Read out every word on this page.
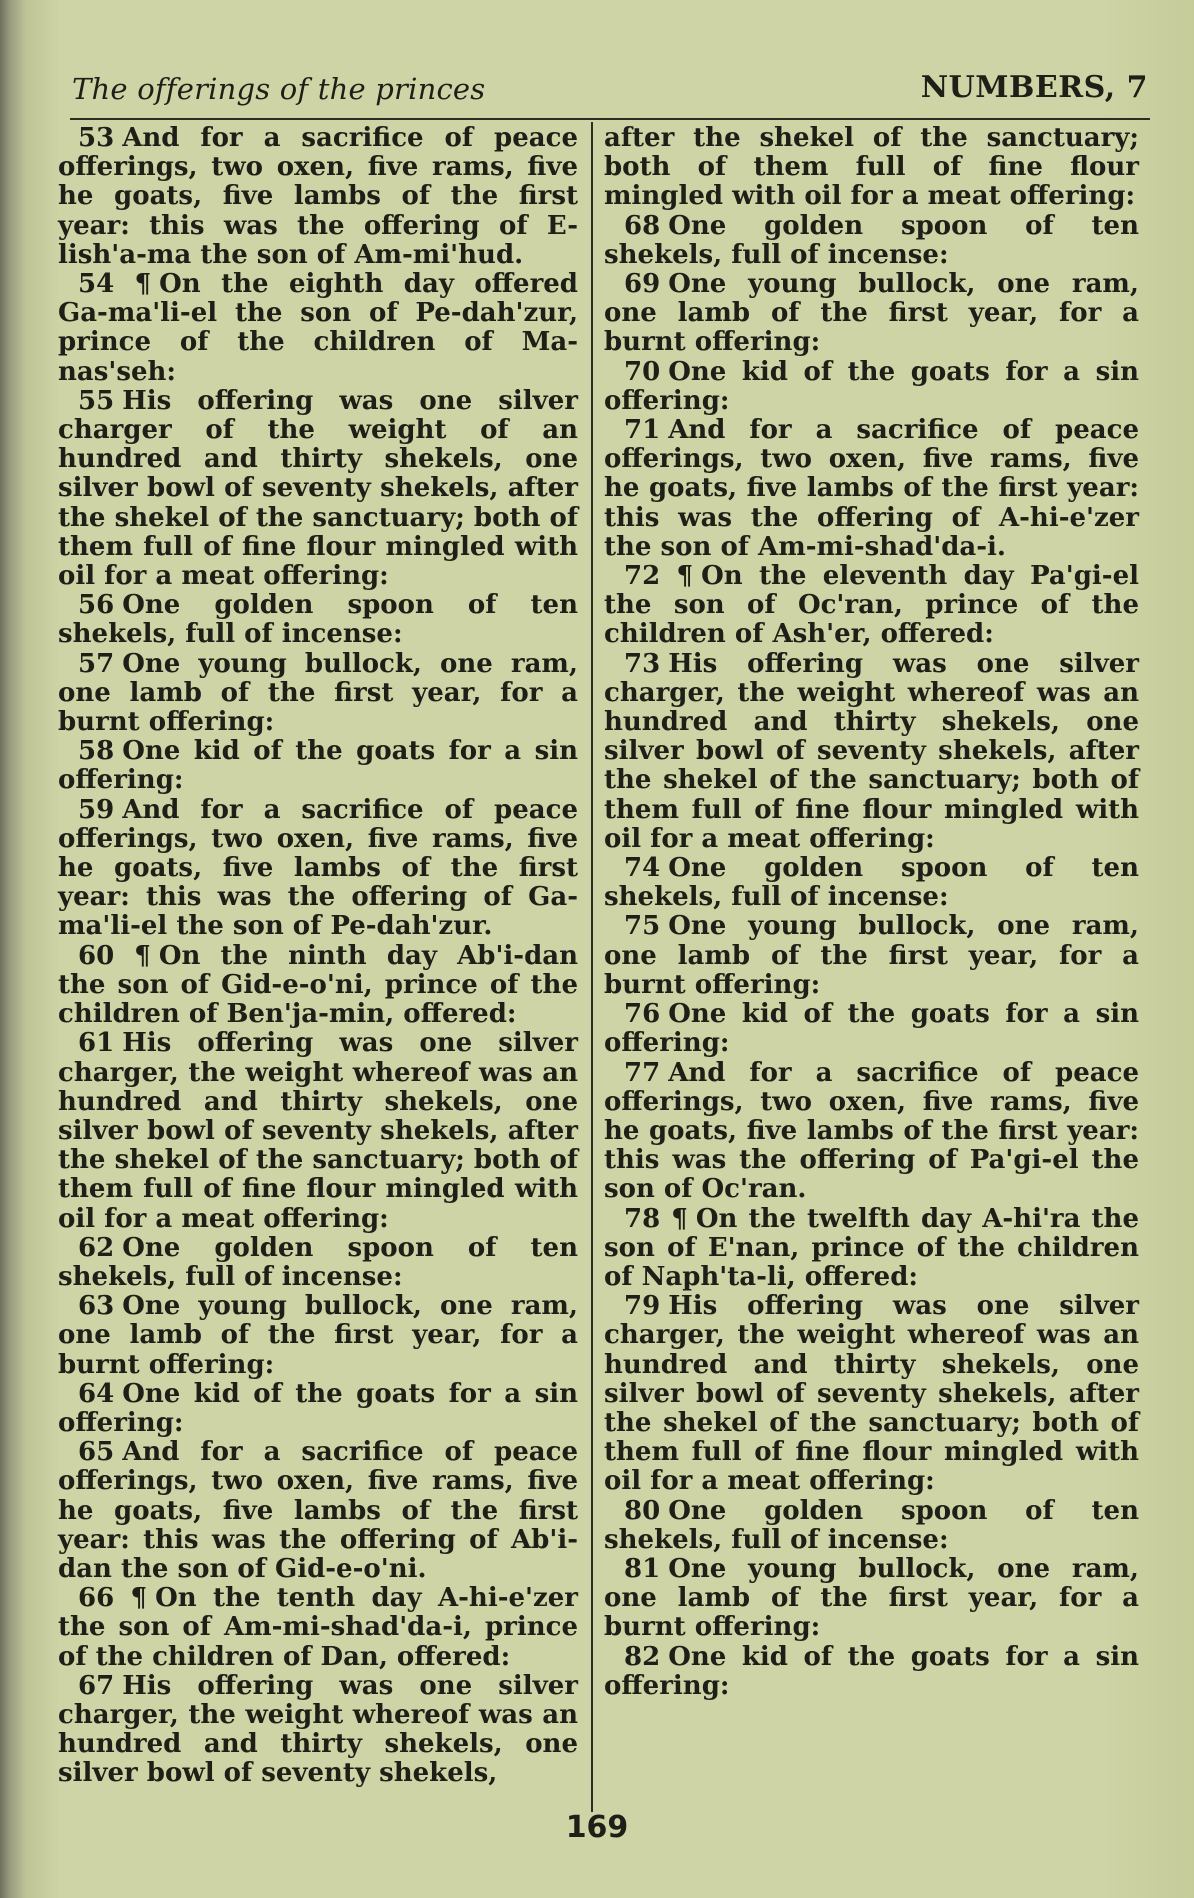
The offerings of the princes	NUMBERS, 7

53 And for a sacrifice of peace offerings, two oxen, five rams, five he goats, five lambs of the first year: this was the offering of E-lish'a-ma the son of Am-mi'hud.

54 ¶ On the eighth day offered Ga-ma'li-el the son of Pe-dah'zur, prince of the children of Ma-nas'seh:

55 His offering was one silver charger of the weight of an hundred and thirty shekels, one silver bowl of seventy shekels, after the shekel of the sanctuary; both of them full of fine flour mingled with oil for a meat offering:

56 One golden spoon of ten shekels, full of incense:

57 One young bullock, one ram, one lamb of the first year, for a burnt offering:

58 One kid of the goats for a sin offering:

59 And for a sacrifice of peace offerings, two oxen, five rams, five he goats, five lambs of the first year: this was the offering of Ga-ma'li-el the son of Pe-dah'zur.

60 ¶ On the ninth day Ab'i-dan the son of Gid-e-o'ni, prince of the children of Ben'ja-min, offered:

61 His offering was one silver charger, the weight whereof was an hundred and thirty shekels, one silver bowl of seventy shekels, after the shekel of the sanctuary; both of them full of fine flour mingled with oil for a meat offering:

62 One golden spoon of ten shekels, full of incense:

63 One young bullock, one ram, one lamb of the first year, for a burnt offering:

64 One kid of the goats for a sin offering:

65 And for a sacrifice of peace offerings, two oxen, five rams, five he goats, five lambs of the first year: this was the offering of Ab'i-dan the son of Gid-e-o'ni.

66 ¶ On the tenth day A-hi-e'zer the son of Am-mi-shad'da-i, prince of the children of Dan, offered:

67 His offering was one silver charger, the weight whereof was an hundred and thirty shekels, one silver bowl of seventy shekels,

after the shekel of the sanctuary; both of them full of fine flour mingled with oil for a meat offering:

68 One golden spoon of ten shekels, full of incense:

69 One young bullock, one ram, one lamb of the first year, for a burnt offering:

70 One kid of the goats for a sin offering:

71 And for a sacrifice of peace offerings, two oxen, five rams, five he goats, five lambs of the first year: this was the offering of A-hi-e'zer the son of Am-mi-shad'da-i.

72 ¶ On the eleventh day Pa'gi-el the son of Oc'ran, prince of the children of Ash'er, offered:

73 His offering was one silver charger, the weight whereof was an hundred and thirty shekels, one silver bowl of seventy shekels, after the shekel of the sanctuary; both of them full of fine flour mingled with oil for a meat offering:

74 One golden spoon of ten shekels, full of incense:

75 One young bullock, one ram, one lamb of the first year, for a burnt offering:

76 One kid of the goats for a sin offering:

77 And for a sacrifice of peace offerings, two oxen, five rams, five he goats, five lambs of the first year: this was the offering of Pa'gi-el the son of Oc'ran.

78 ¶ On the twelfth day A-hi'ra the son of E'nan, prince of the children of Naph'ta-li, offered:

79 His offering was one silver charger, the weight whereof was an hundred and thirty shekels, one silver bowl of seventy shekels, after the shekel of the sanctuary; both of them full of fine flour mingled with oil for a meat offering:

80 One golden spoon of ten shekels, full of incense:

81 One young bullock, one ram, one lamb of the first year, for a burnt offering:

82 One kid of the goats for a sin offering:

169
